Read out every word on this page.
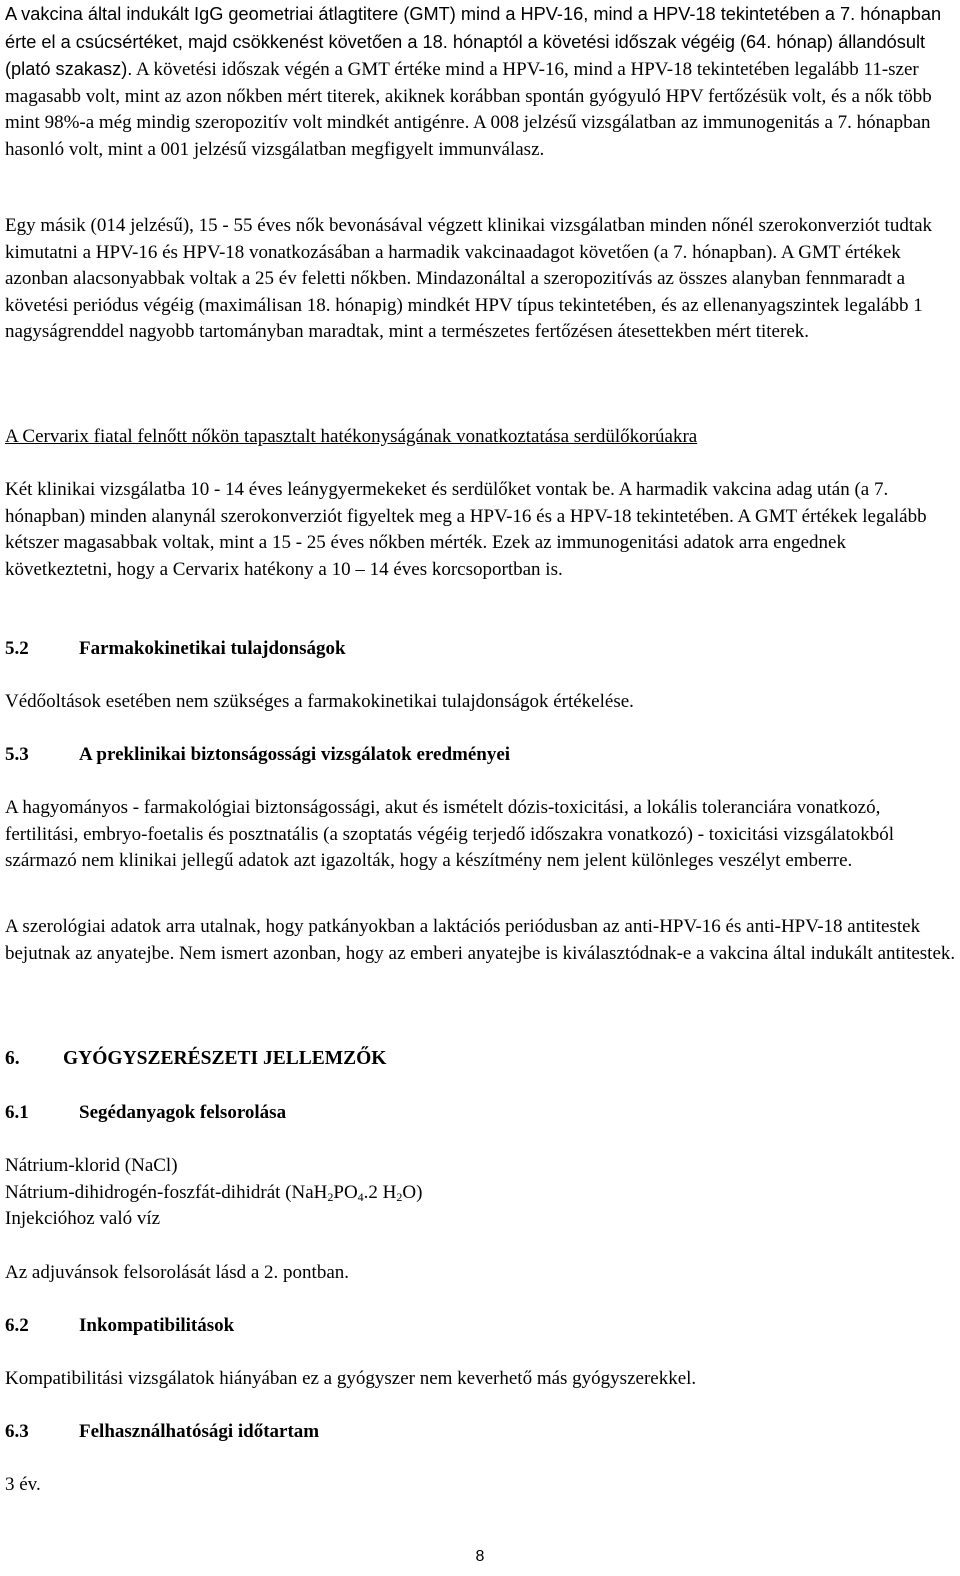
A vakcina által indukált IgG geometriai átlagtitere (GMT) mind a HPV-16, mind a HPV-18 tekintetében a 7. hónapban érte el a csúcsértéket, majd csökkenést követően a 18. hónaptól a követési időszak végéig (64. hónap) állandósult (plató szakasz). A követési időszak végén a GMT értéke mind a HPV-16, mind a HPV-18 tekintetében legalább 11-szer magasabb volt, mint az azon nőkben mért titerek, akiknek korábban spontán gyógyuló HPV fertőzésük volt, és a nők több mint 98%-a még mindig szeropozitív volt mindkét antigénre. A 008 jelzésű vizsgálatban az immunogenitás a 7. hónapban hasonló volt, mint a 001 jelzésű vizsgálatban megfigyelt immunválasz.

Egy másik (014 jelzésű), 15 - 55 éves nők bevonásával végzett klinikai vizsgálatban minden nőnél szerokonverziót tudtak kimutatni a HPV-16 és HPV-18 vonatkozásában a harmadik vakcinaadagot követően (a 7. hónapban). A GMT értékek azonban alacsonyabbak voltak a 25 év feletti nőkben. Mindazonáltal a szeropozitívás az összes alanyban fennmaradt a követési periódus végéig (maximálisan 18. hónapig) mindkét HPV típus tekintetében, és az ellenanyagszintek legalább 1 nagyságrenddel nagyobb tartományban maradtak, mint a természetes fertőzésen átesettekben mért titerek.

A Cervarix fiatal felnőtt nőkön tapasztalt hatékonyságának vonatkoztatása serdülőkorúakra

Két klinikai vizsgálatba 10 - 14 éves leánygyermekeket és serdülőket vontak be. A harmadik vakcina adag után (a 7. hónapban) minden alanynál szerokonverziót figyeltek meg a HPV-16 és a HPV-18 tekintetében. A GMT értékek legalább kétszer magasabbak voltak, mint a 15 - 25 éves nőkben mérték. Ezek az immunogenitási adatok arra engednek következtetni, hogy a Cervarix hatékony a 10 – 14 éves korcsoportban is.

5.2	Farmakokinetikai tulajdonságok

Védőoltások esetében nem szükséges a farmakokinetikai tulajdonságok értékelése.

5.3	A preklinikai biztonságossági vizsgálatok eredményei

A hagyományos - farmakológiai biztonságossági, akut és ismételt dózis-toxicitási, a lokális toleranciára vonatkozó, fertilitási, embryo-foetalis és posztnatális (a szoptatás végéig terjedő időszakra vonatkozó) - toxicitási vizsgálatokból származó nem klinikai jellegű adatok azt igazolták, hogy a készítmény nem jelent különleges veszélyt emberre.

A szerológiai adatok arra utalnak, hogy patkányokban a laktációs periódusban az anti-HPV-16 és anti-HPV-18 antitestek bejutnak az anyatejbe. Nem ismert azonban, hogy az emberi anyatejbe is kiválasztódnak-e a vakcina által indukált antitestek.

6. GYÓGYSZERÉSZETI JELLEMZŐK

6.1	Segédanyagok felsorolása

Nátrium-klorid (NaCl)

Nátrium-dihidrogén-foszfát-dihidrát ($NaH_2PO_4.2$ $H_2O$)

Injekcióhoz való víz

Az adjuvánsok felsorolását lásd a 2. pontban.

6.2	Inkompatibilitások

Kompatibilitási vizsgálatok hiányában ez a gyógyszer nem keverhető más gyógyszerekkel.

6.3	Felhasználhatósági időtartam

3 év.

8
